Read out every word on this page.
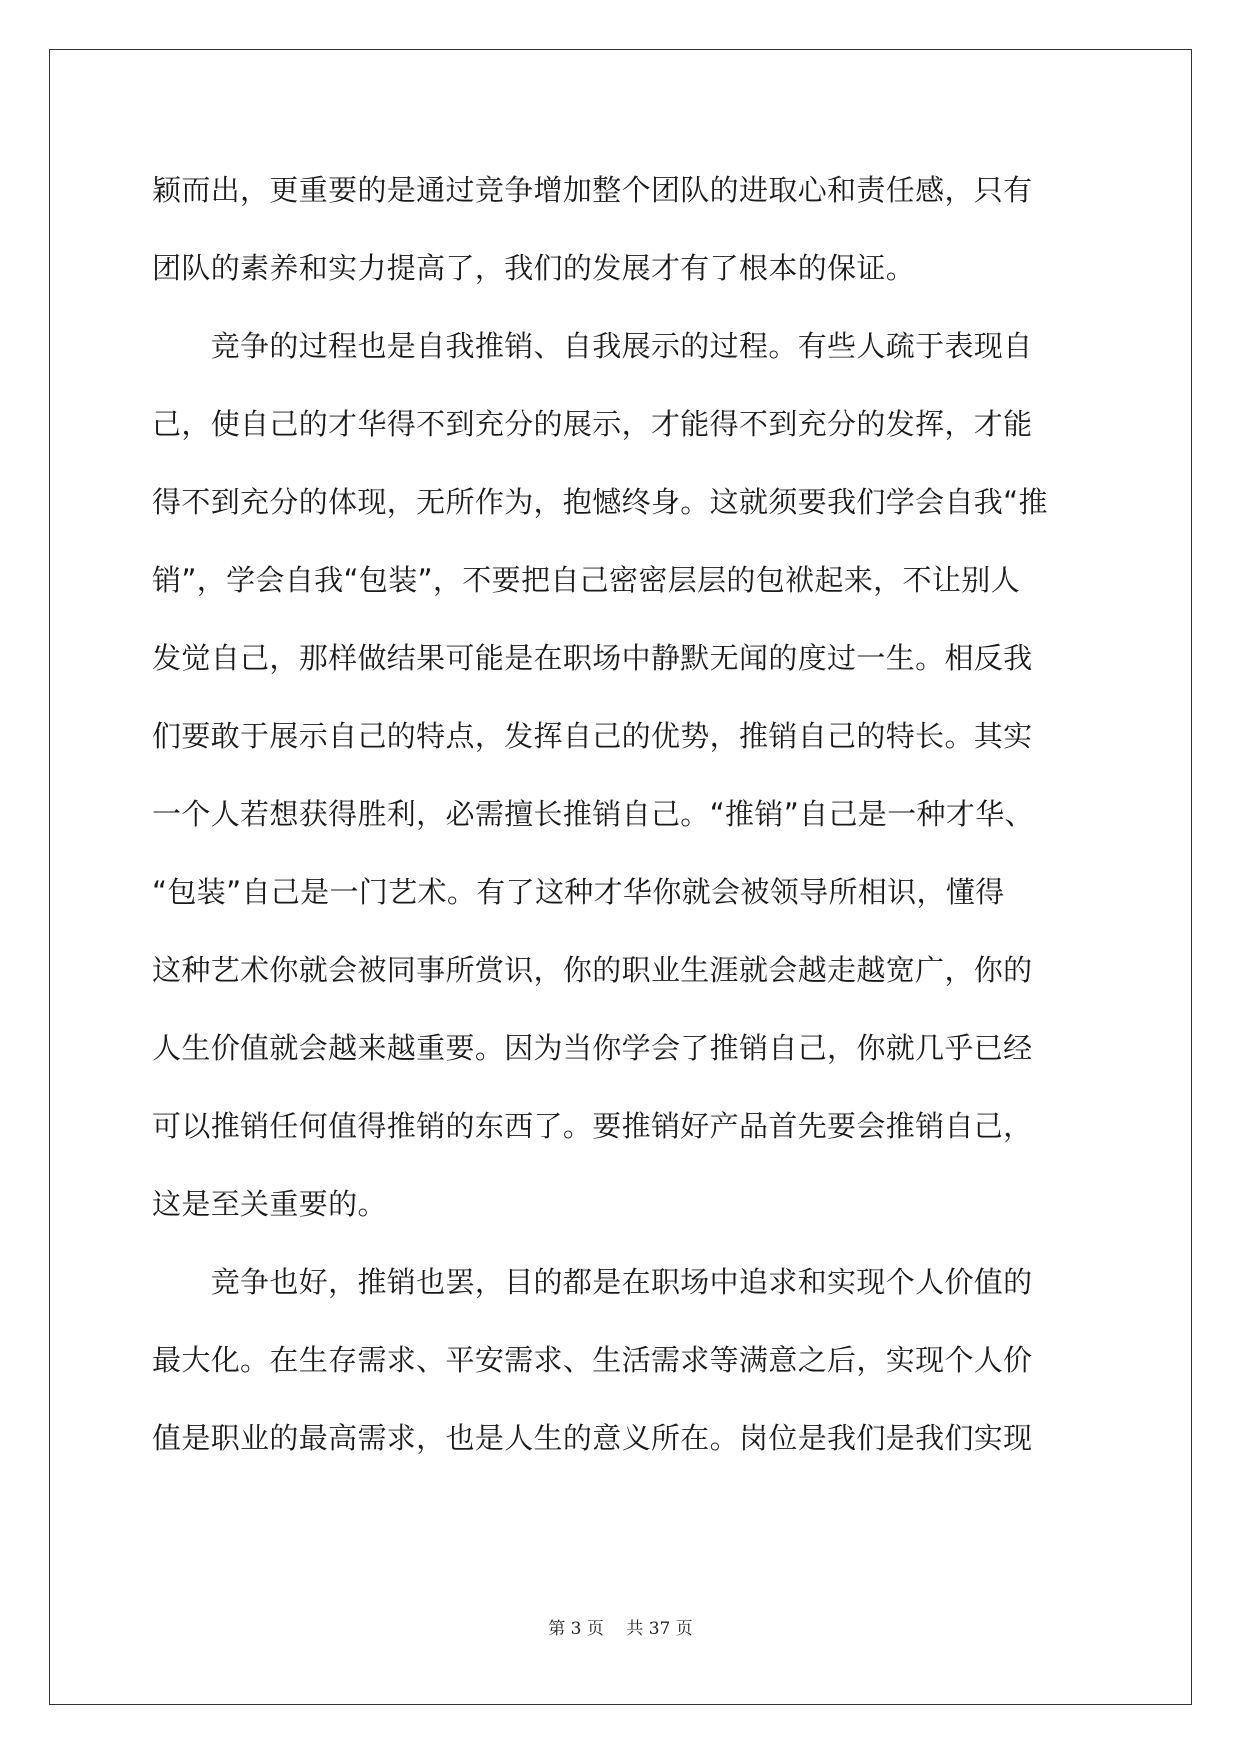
颖而出，更重要的是通过竞争增加整个团队的进取心和责任感，只有
团队的素养和实力提高了，我们的发展才有了根本的保证。
　　竞争的过程也是自我推销、自我展示的过程。有些人疏于表现自
己，使自己的才华得不到充分的展示，才能得不到充分的发挥，才能
得不到充分的体现，无所作为，抱憾终身。这就须要我们学会自我“推
销”，学会自我“包装”，不要把自己密密层层的包袱起来，不让别人
发觉自己，那样做结果可能是在职场中静默无闻的度过一生。相反我
们要敢于展示自己的特点，发挥自己的优势，推销自己的特长。其实
一个人若想获得胜利，必需擅长推销自己。“推销”自己是一种才华、
“包装”自己是一门艺术。有了这种才华你就会被领导所相识，懂得
这种艺术你就会被同事所赏识，你的职业生涯就会越走越宽广，你的
人生价值就会越来越重要。因为当你学会了推销自己，你就几乎已经
可以推销任何值得推销的东西了。要推销好产品首先要会推销自己，
这是至关重要的。
　　竞争也好，推销也罢，目的都是在职场中追求和实现个人价值的
最大化。在生存需求、平安需求、生活需求等满意之后，实现个人价
值是职业的最高需求，也是人生的意义所在。岗位是我们是我们实现
第 3 页　 共 37 页
